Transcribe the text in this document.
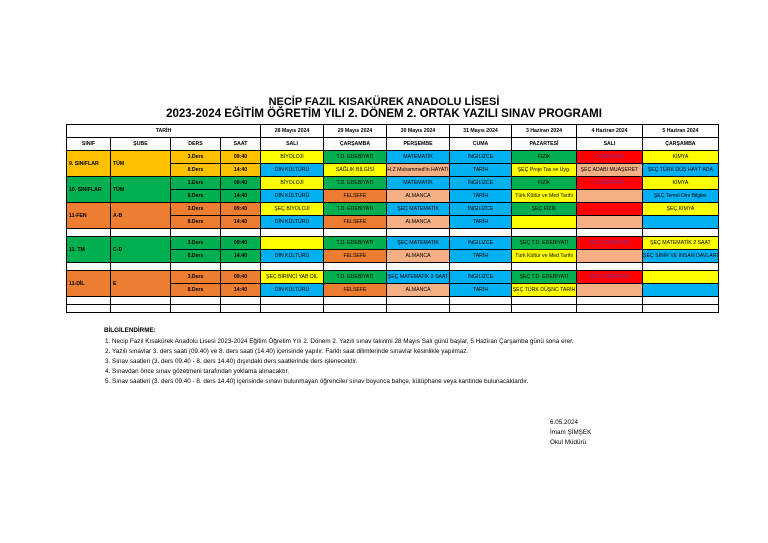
NECİP FAZIL KISAKÜREK ANADOLU LİSESİ
2023-2024 EĞİTİM ÖĞRETİM YILI 2. DÖNEM 2. ORTAK YAZILI SINAV PROGRAMI
TARİH				28 Mayıs 2024	29 Mayıs 2024	30 Mayıs 2024	31 Mayıs 2024	3 Haziran 2024	4 Haziran 2024	5 Haziran 2024
SINIF	ŞUBE	DERS	SAAT	SALI	ÇARŞAMBA	PERŞEMBE	CUMA	PAZARTESİ	SALI	ÇARŞAMBA
9. SINIFLAR	TÜM	3.Ders	09:40	BİYOLOJİ	T.D. EDEBİYATI	MATEMATİK	İNGİLİZCE	FİZİK	COĞRAFYA	KİMYA
		8.Ders	14:40	DİN KÜLTÜRÜ	SAĞLIK BİLGİSİ	H.Z Muhammed'in HAYATI	TARİH	ŞEÇ Proje Tas ve Uyg.	ŞEÇ ADABI MUAŞERET	ŞEÇ TÜRK DÜŞ HAYT ADA
10. SINIFLAR	TÜM	3.Ders	09:40	BİYOLOJİ	T.D. EDEBİYATI	MATEMATİK	İNGİLİZCE	FİZİK	COĞRAFYA	KİMYA
		8.Ders	14:40	DİN KÜLTÜRÜ	FELSEFE	ALMANCA	TARİH	Türk Kültür ve Med Tarihi		ŞEÇ Temel Dini Bilgiler
11-FEN	A-B	3.Ders	09:40	ŞEÇ BİYOLOJİ	T.D. EDEBİYATI	ŞEÇ MATEMATİK	İNGİLİZCE	ŞEÇ FİZİK		ŞEÇ KİMYA
		8.Ders	14:40	DİN KÜLTÜRÜ	FELSEFE	ALMANCA	TARİH			

11. TM	C-D	3.Ders	09:40		T.D. EDEBİYATI	ŞEÇ MATEMATİK	İNGİLİZCE	ŞEÇ T.D. EDEBİYATI	ŞEÇ COĞRAFYA	ŞEÇ MATEMATİK 2 SAAT
		8.Ders	14:40	DİN KÜLTÜRÜ	FELSEFE	ALMANCA	TARİH	Türk Kültür ve Med Tarihi		ŞEÇ SİNİR VE İNSAN DAVLARI

11-DİL	E	3.Ders	09:40	ŞEÇ BİRİNCİ YAB DİL	T.D. EDEBİYATI	ŞEÇ MATEMATİK 2 SAAT	İNGİLİZCE	ŞEÇ T.D. EDEBİYATI	ŞEÇ COĞRAFYA	
		8.Ders	14:40	DİN KÜLTÜRÜ	FELSEFE	ALMANCA	TARİH	ŞEÇ TÜRK DÜŞNC TARİH		

BİLGİLENDİRME:
1. Necip Fazıl Kısakürek Anadolu Lisesi 2023-2024 Eğitim Öğretim Yılı 2. Dönem 2. Yazılı sınav takvimi 28 Mayıs Salı günü başlar, 5 Haziran Çarşamba günü sona erer.
2. Yazılı sınavlar 3. ders saati (09.40) ve 8. ders saati (14.40) içerisinde yapılır. Farklı saat dilimlerinde sınavlar kesinlikle yapılmaz.
3. Sınav saatleri (3. ders 09.40 - 8. ders 14.40) dışındaki ders saatlerinde ders işlenecektir.
4. Sınavdan önce sınav gözetmeni tarafından yoklama alınacaktır.
5. Sınav saatleri (3. ders 09.40 - 8. ders 14.40) içerisinde sınavı bulunmayan öğrenciler sınav boyunca bahçe, kütüphane veya kantinde bulunacaklardır.
6.05.2024
İmam ŞİMŞEK
Okul Müdürü
